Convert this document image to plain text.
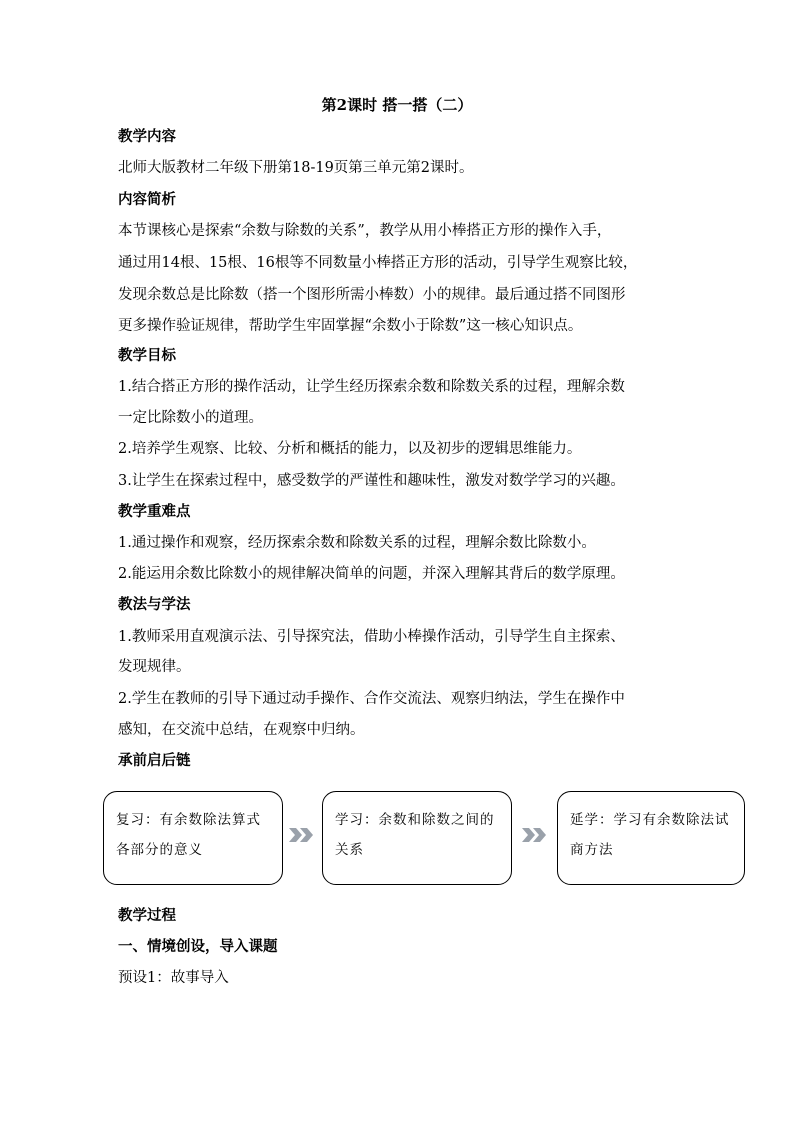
第2课时 搭一搭（二）
教学内容
北师大版教材二年级下册第18-19页第三单元第2课时。
内容简析
本节课核心是探索“余数与除数的关系”，教学从用小棒搭正方形的操作入手，
通过用14根、15根、16根等不同数量小棒搭正方形的活动，引导学生观察比较，
发现余数总是比除数（搭一个图形所需小棒数）小的规律。最后通过搭不同图形
更多操作验证规律，帮助学生牢固掌握“余数小于除数”这一核心知识点。
教学目标
1.结合搭正方形的操作活动，让学生经历探索余数和除数关系的过程，理解余数
一定比除数小的道理。
2.培养学生观察、比较、分析和概括的能力，以及初步的逻辑思维能力。
3.让学生在探索过程中，感受数学的严谨性和趣味性，激发对数学学习的兴趣。
教学重难点
1.通过操作和观察，经历探索余数和除数关系的过程，理解余数比除数小。
2.能运用余数比除数小的规律解决简单的问题，并深入理解其背后的数学原理。
教法与学法
1.教师采用直观演示法、引导探究法，借助小棒操作活动，引导学生自主探索、
发现规律。
2.学生在教师的引导下通过动手操作、合作交流法、观察归纳法，学生在操作中
感知，在交流中总结，在观察中归纳。
承前启后链
复习：有余数除法算式各部分的意义
学习：余数和除数之间的关系
延学：学习有余数除法试商方法
教学过程
一、情境创设，导入课题
预设1：故事导入
